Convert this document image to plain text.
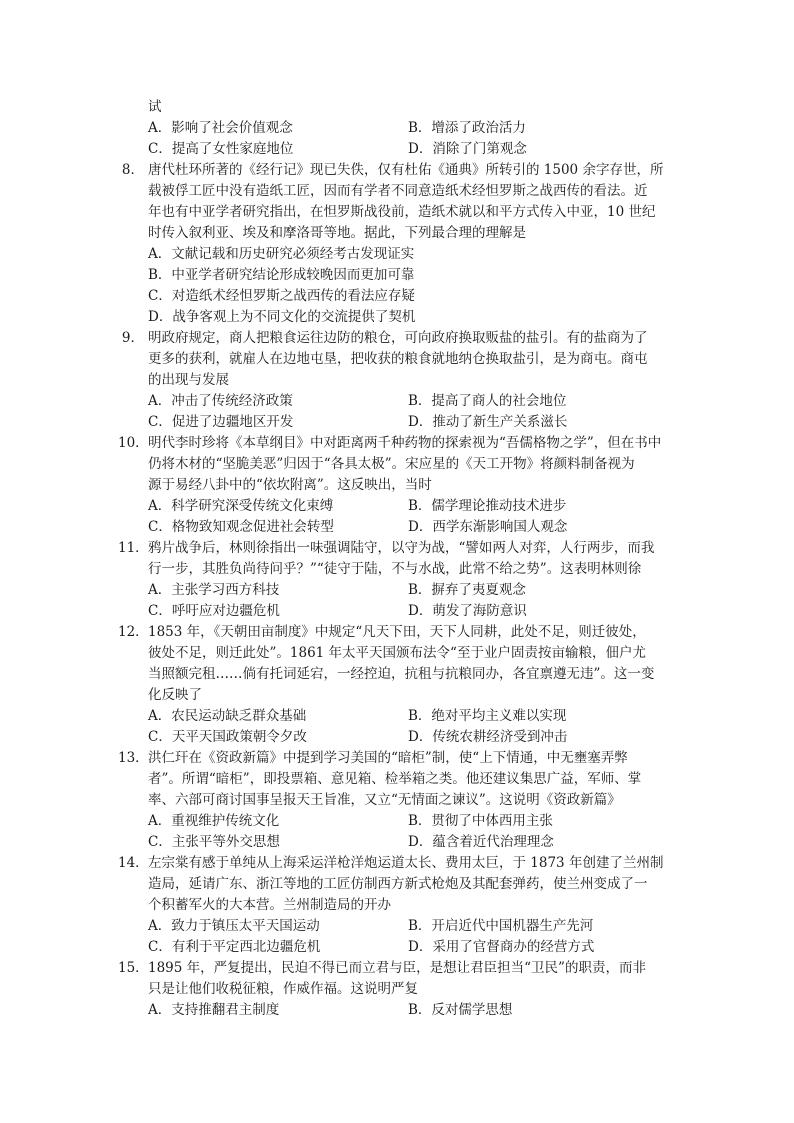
试
A．影响了社会价值观念	B．增添了政治活力
C．提高了女性家庭地位	D．消除了门第观念
8． 唐代杜环所著的《经行记》现已失佚，仅有杜佑《通典》所转引的 1500 余字存世，所
载被俘工匠中没有造纸工匠，因而有学者不同意造纸术经怛罗斯之战西传的看法。近
年也有中亚学者研究指出，在怛罗斯战役前，造纸术就以和平方式传入中亚，10 世纪
时传入叙利亚、埃及和摩洛哥等地。据此，下列最合理的理解是
A．文献记载和历史研究必须经考古发现证实
B．中亚学者研究结论形成较晚因而更加可靠
C．对造纸术经怛罗斯之战西传的看法应存疑
D．战争客观上为不同文化的交流提供了契机
9． 明政府规定，商人把粮食运往边防的粮仓，可向政府换取贩盐的盐引。有的盐商为了
更多的获利，就雇人在边地屯垦，把收获的粮食就地纳仓换取盐引，是为商屯。商屯
的出现与发展
A．冲击了传统经济政策	B．提高了商人的社会地位
C．促进了边疆地区开发	D．推动了新生产关系滋长
10． 明代李时珍将《本草纲目》中对距离两千种药物的探索视为“吾儒格物之学”，但在书中
仍将木材的“坚脆美恶”归因于“各具太极”。宋应星的《天工开物》将颜料制备视为
源于易经八卦中的“依坎附离”。这反映出，当时
A．科学研究深受传统文化束缚	B．儒学理论推动技术进步
C．格物致知观念促进社会转型	D．西学东渐影响国人观念
11． 鸦片战争后，林则徐指出一味强调陆守，以守为战，“譬如两人对弈，人行两步，而我
行一步，其胜负尚待问乎？”“徒守于陆，不与水战，此常不给之势”。这表明林则徐
A．主张学习西方科技	B．摒弃了夷夏观念
C．呼吁应对边疆危机	D．萌发了海防意识
12． 1853 年，《天朝田亩制度》中规定“凡天下田，天下人同耕，此处不足，则迁彼处，
彼处不足，则迁此处”。1861 年太平天国颁布法令“至于业户固责按亩输粮，佃户尤
当照额完租……倘有托词延宕，一经控迫，抗租与抗粮同办，各宜禀遵无违”。这一变
化反映了
A．农民运动缺乏群众基础	B．绝对平均主义难以实现
C．天平天国政策朝令夕改	D．传统农耕经济受到冲击
13． 洪仁玕在《资政新篇》中提到学习美国的“暗柜”制，使“上下情通，中无壅塞弄弊
者”。所谓“暗柜”，即投票箱、意见箱、检举箱之类。他还建议集思广益，军师、掌
率、六部可商讨国事呈报天王旨准，又立“无情面之谏议”。这说明《资政新篇》
A．重视维护传统文化	B．贯彻了中体西用主张
C．主张平等外交思想	D．蕴含着近代治理理念
14． 左宗棠有感于单纯从上海采运洋枪洋炮运道太长、费用太巨，于 1873 年创建了兰州制
造局，延请广东、浙江等地的工匠仿制西方新式枪炮及其配套弹药，使兰州变成了一
个积蓄军火的大本营。兰州制造局的开办
A．致力于镇压太平天国运动	B．开启近代中国机器生产先河
C．有利于平定西北边疆危机	D．采用了官督商办的经营方式
15． 1895 年，严复提出，民迫不得已而立君与臣，是想让君臣担当“卫民”的职责，而非
只是让他们收税征粮，作威作福。这说明严复
A．支持推翻君主制度	B．反对儒学思想
